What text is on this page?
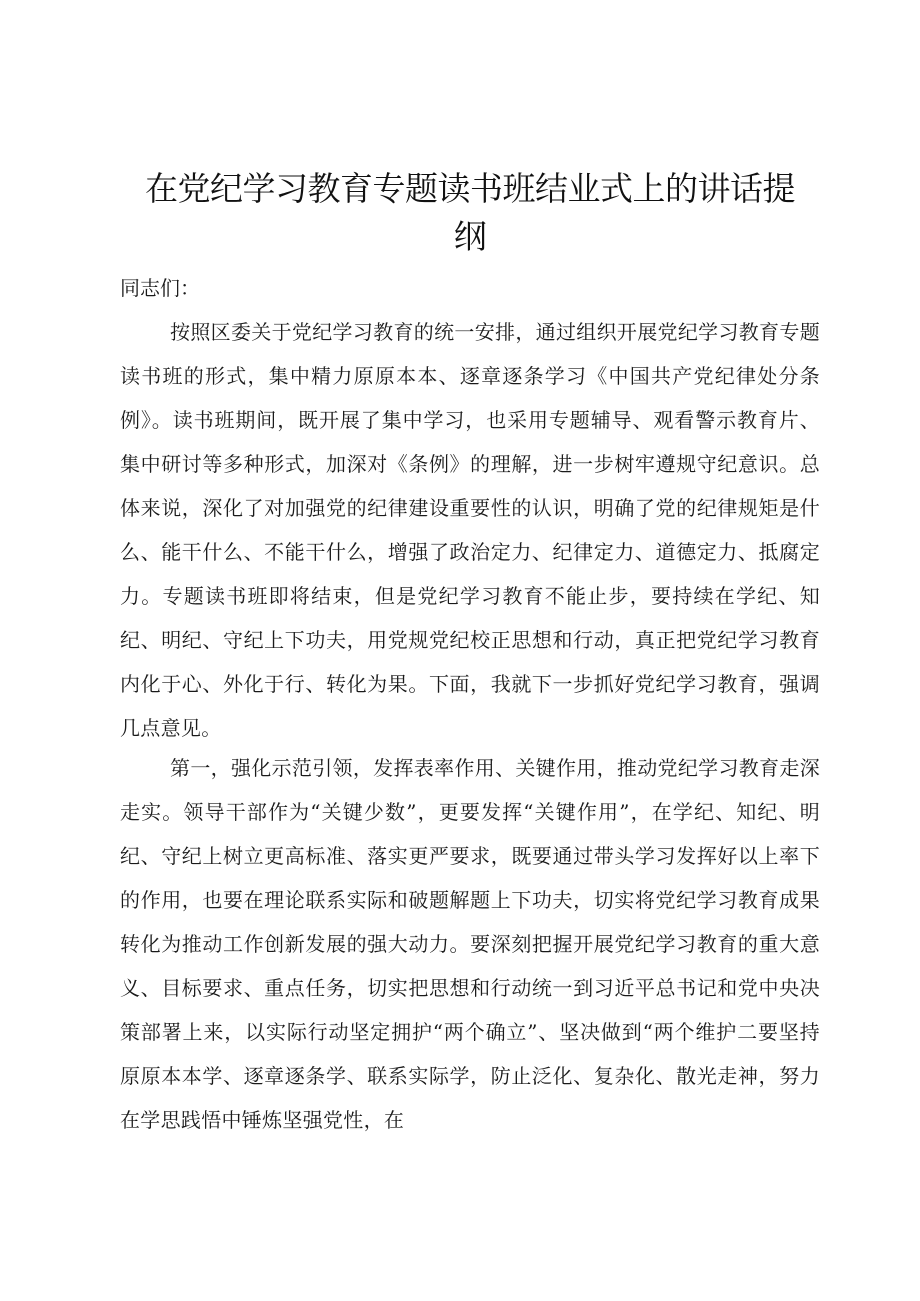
在党纪学习教育专题读书班结业式上的讲话提
纲

同志们：

按照区委关于党纪学习教育的统一安排，通过组织开展党纪学习教育专题读书班的形式，集中精力原原本本、逐章逐条学习《中国共产党纪律处分条例》。读书班期间，既开展了集中学习，也采用专题辅导、观看警示教育片、集中研讨等多种形式，加深对《条例》的理解，进一步树牢遵规守纪意识。总体来说，深化了对加强党的纪律建设重要性的认识，明确了党的纪律规矩是什么、能干什么、不能干什么，增强了政治定力、纪律定力、道德定力、抵腐定力。专题读书班即将结束，但是党纪学习教育不能止步，要持续在学纪、知纪、明纪、守纪上下功夫，用党规党纪校正思想和行动，真正把党纪学习教育内化于心、外化于行、转化为果。下面，我就下一步抓好党纪学习教育，强调几点意见。

第一，强化示范引领，发挥表率作用、关键作用，推动党纪学习教育走深走实。领导干部作为“关键少数”，更要发挥“关键作用”，在学纪、知纪、明纪、守纪上树立更高标准、落实更严要求，既要通过带头学习发挥好以上率下的作用，也要在理论联系实际和破题解题上下功夫，切实将党纪学习教育成果转化为推动工作创新发展的强大动力。要深刻把握开展党纪学习教育的重大意义、目标要求、重点任务，切实把思想和行动统一到习近平总书记和党中央决策部署上来，以实际行动坚定拥护“两个确立”、坚决做到“两个维护二要坚持原原本本学、逐章逐条学、联系实际学，防止泛化、复杂化、散光走神，努力在学思践悟中锤炼坚强党性，在
